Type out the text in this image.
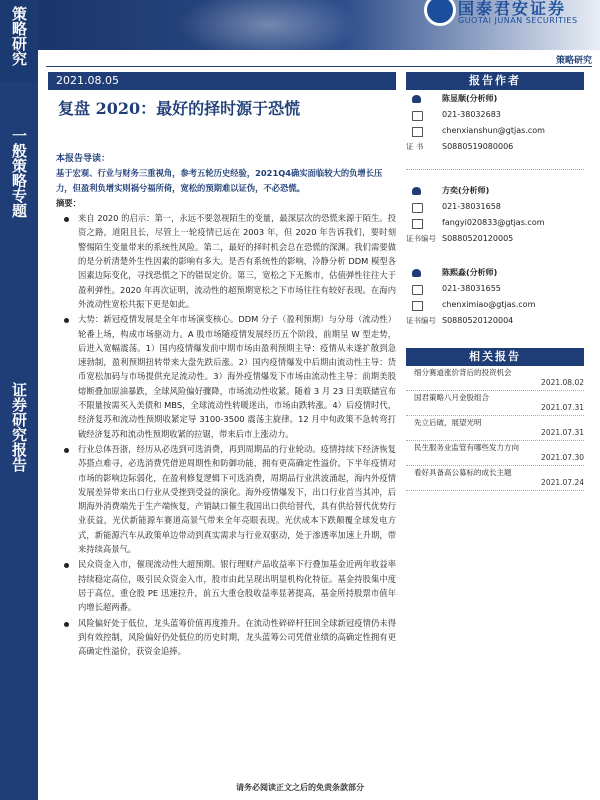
策略研究
一般策略专题
证券研究报告
国泰君安证券
GUOTAI JUNAN SECURITIES
策略研究
2021.08.05
复盘 2020：最好的择时源于恐慌
本报告导读：
基于宏观、行业与财务三重视角，参考五轮历史经验，2021Q4确实面临较大的负增长压力，但盈利负增实则祸兮福所倚，宽松的预期难以证伪，不必恐慌。
摘要：

来自 2020 的启示：第一，永远不要忽视陌生的变量，最深层次的恐慌来源于陌生。投资之路，道阻且长，尽管上一轮疫情已远在 2003 年，但 2020 年告诉我们，要时刻警惕陌生变量带来的系统性风险。第二，最好的择时机会总在恐慌的深渊。我们需要做的是分析清楚外生性因素的影响有多大。是否有系统性的影响，冷静分析 DDM 模型各因素边际变化，寻找恐慌之下的错误定价。第三，宽松之下无熊市，估值弹性往往大于盈利弹性。2020 年再次证明，流动性的超预期宽松之下市场往往有较好表现。在海内外流动性宽松共振下更是如此。

大势：新冠疫情发展是全年市场演变核心。DDM 分子（盈利预期）与分母（流动性）轮番上场，构成市场驱动力。A 股市场随疫情发展经历五个阶段，前期呈 W 型走势，后进入宽幅震荡。1）国内疫情爆发前中期市场由盈利预期主导：疫情从未遂扩散到急速勃制，盈利预期扭转带来大盘先跌后涨。2）国内疫情爆发中后期由流动性主导：货币宽松加码与市场提供充足流动性。3）海外疫情爆发下市场由流动性主导：前期美股熔断叠加原油暴跌，全球风险偏好骤降，市场流动性收紧。随着 3 月 23 日美联储宣布不限量按需买入美债和 MBS，全球流动性转暖迷出，市场由跌转涨。4）后疫情时代，经济复苏和流动性预期收紧定导 3100-3500 震荡主旋律。12 月中旬政策不急转弯打破经济复苏和流动性预期收紧的拉锯，带来后市上涨动力。

行业总体吾浙，经历从必选到可选消费，再到周期品的行业轮动。疫情持续下经济恢复苏搭点难寻，必选消费凭借逆周期性和防御功能，拥有更高确定性溢价。下半年疫情对市场的影响边际弱化，在盈利修复逻辑下可选消费，周期品行业洪波涌起，海内外疫情发展差异带来出口行业从受挫到受益的演化。海外疫情爆发下，出口行业首当其冲，后期海外消费端先于生产端恢复，产销缺口催生我国出口供给替代，具有供给替代优势行业获益，光伏新能源车赛道高景气带来全年亮眼表现。光伏成本下跌颠覆全球发电方式，新能源汽车从政策单边带动到真实需求与行业双驱动，处于渗透率加速上升期，带来持续高景气。

民众资金入市，催现流动性大超预期。银行理财产品收益率下行叠加基金近两年收益率持续稳定高位，吸引民众资金入市，股市由此呈现出明显机构化特征。基金持股集中度居于高位，重仓股 PE 迅速拉升，前五大重仓股收益率显著提高，基金所持股票市值年内增长超两番。

风险偏好处于低位，龙头蓝筹价值再度推升。在流动性碎碎杆狂回全球新冠疫情仍未得到有效控制，风险偏好仍处低位的历史时期，龙头蓝筹公司凭借业绩的高确定性拥有更高确定性溢价，获资金追捧。

请务必阅读正文之后的免责条款部分
报告作者
陈显顺(分析师)
021-38032683
chenxianshun@gtjas.com
证 书 S0880519080006
方奕(分析师)
021-38031658
fangyi020833@gtjas.com
证书编号 S0880520120005
陈熙淼(分析师)
021-38031655
chenximiao@gtjas.com
证书编号 S0880520120004
相关报告
细分赛道涨价背后的投资机会
2021.08.02
国君策略八月金股组合
2021.07.31
先立后破，展望光明
2021.07.31
民生服务业监管有哪些发力方向
2021.07.30
看好具备高公募标的成长主题
2021.07.24
